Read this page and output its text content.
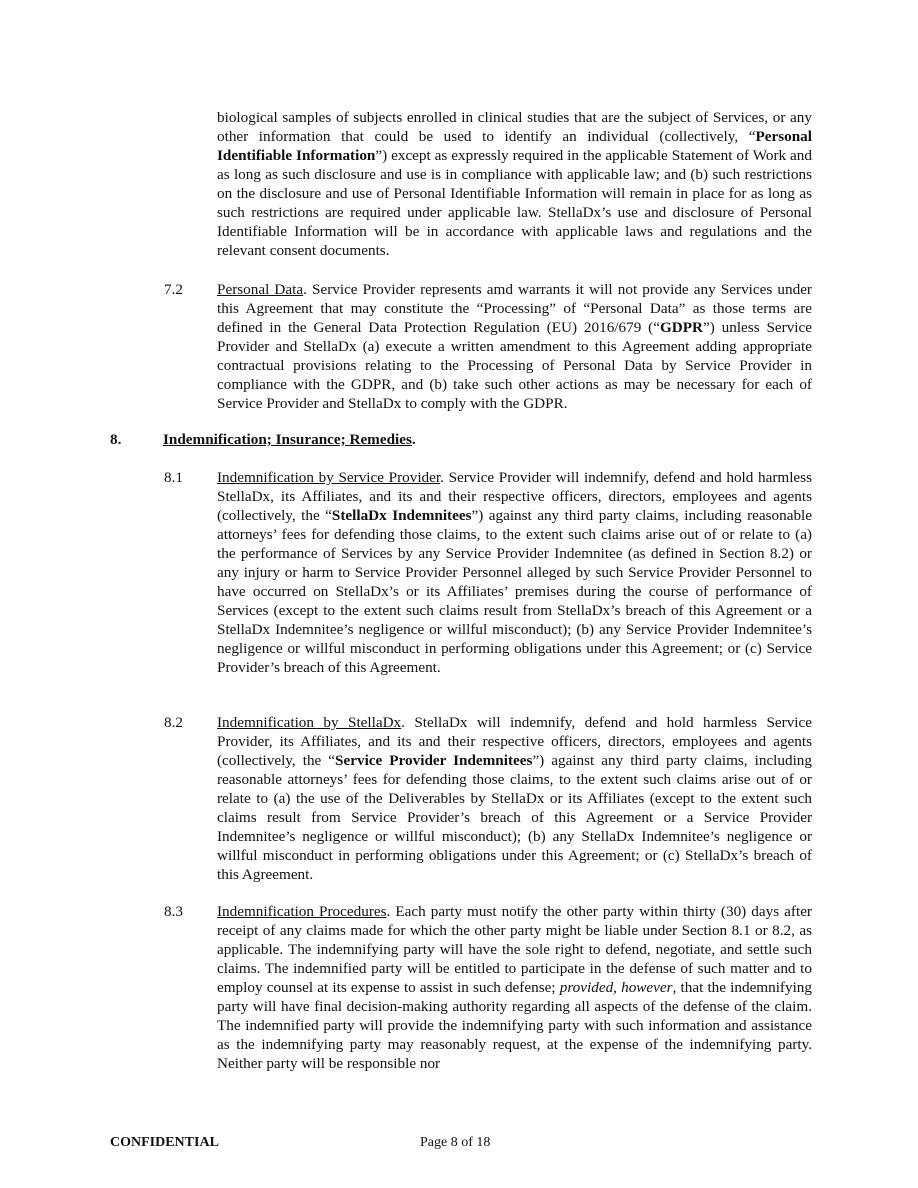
biological samples of subjects enrolled in clinical studies that are the subject of Services, or any other information that could be used to identify an individual (collectively, “Personal Identifiable Information”) except as expressly required in the applicable Statement of Work and as long as such disclosure and use is in compliance with applicable law; and (b) such restrictions on the disclosure and use of Personal Identifiable Information will remain in place for as long as such restrictions are required under applicable law. StellaDx’s use and disclosure of Personal Identifiable Information will be in accordance with applicable laws and regulations and the relevant consent documents.

7.2 Personal Data. Service Provider represents amd warrants it will not provide any Services under this Agreement that may constitute the “Processing” of “Personal Data” as those terms are defined in the General Data Protection Regulation (EU) 2016/679 (“GDPR”) unless Service Provider and StellaDx (a) execute a written amendment to this Agreement adding appropriate contractual provisions relating to the Processing of Personal Data by Service Provider in compliance with the GDPR, and (b) take such other actions as may be necessary for each of Service Provider and StellaDx to comply with the GDPR.

8.	Indemnification; Insurance; Remedies.
8.1 Indemnification by Service Provider. Service Provider will indemnify, defend and hold harmless StellaDx, its Affiliates, and its and their respective officers, directors, employees and agents (collectively, the “StellaDx Indemnitees”) against any third party claims, including reasonable attorneys’ fees for defending those claims, to the extent such claims arise out of or relate to (a) the performance of Services by any Service Provider Indemnitee (as defined in Section 8.2) or any injury or harm to Service Provider Personnel alleged by such Service Provider Personnel to have occurred on StellaDx’s or its Affiliates’ premises during the course of performance of Services (except to the extent such claims result from StellaDx’s breach of this Agreement or a StellaDx Indemnitee’s negligence or willful misconduct); (b) any Service Provider Indemnitee’s negligence or willful misconduct in performing obligations under this Agreement; or (c) Service Provider’s breach of this Agreement.

8.2 Indemnification by StellaDx. StellaDx will indemnify, defend and hold harmless Service Provider, its Affiliates, and its and their respective officers, directors, employees and agents (collectively, the “Service Provider Indemnitees”) against any third party claims, including reasonable attorneys’ fees for defending those claims, to the extent such claims arise out of or relate to (a) the use of the Deliverables by StellaDx or its Affiliates (except to the extent such claims result from Service Provider’s breach of this Agreement or a Service Provider Indemnitee’s negligence or willful misconduct); (b) any StellaDx Indemnitee’s negligence or willful misconduct in performing obligations under this Agreement; or (c) StellaDx’s breach of this Agreement.

8.3 Indemnification Procedures. Each party must notify the other party within thirty (30) days after receipt of any claims made for which the other party might be liable under Section 8.1 or 8.2, as applicable. The indemnifying party will have the sole right to defend, negotiate, and settle such claims. The indemnified party will be entitled to participate in the defense of such matter and to employ counsel at its expense to assist in such defense; provided, however, that the indemnifying party will have final decision-making authority regarding all aspects of the defense of the claim. The indemnified party will provide the indemnifying party with such information and assistance as the indemnifying party may reasonably request, at the expense of the indemnifying party. Neither party will be responsible nor

CONFIDENTIAL	Page 8 of 18
